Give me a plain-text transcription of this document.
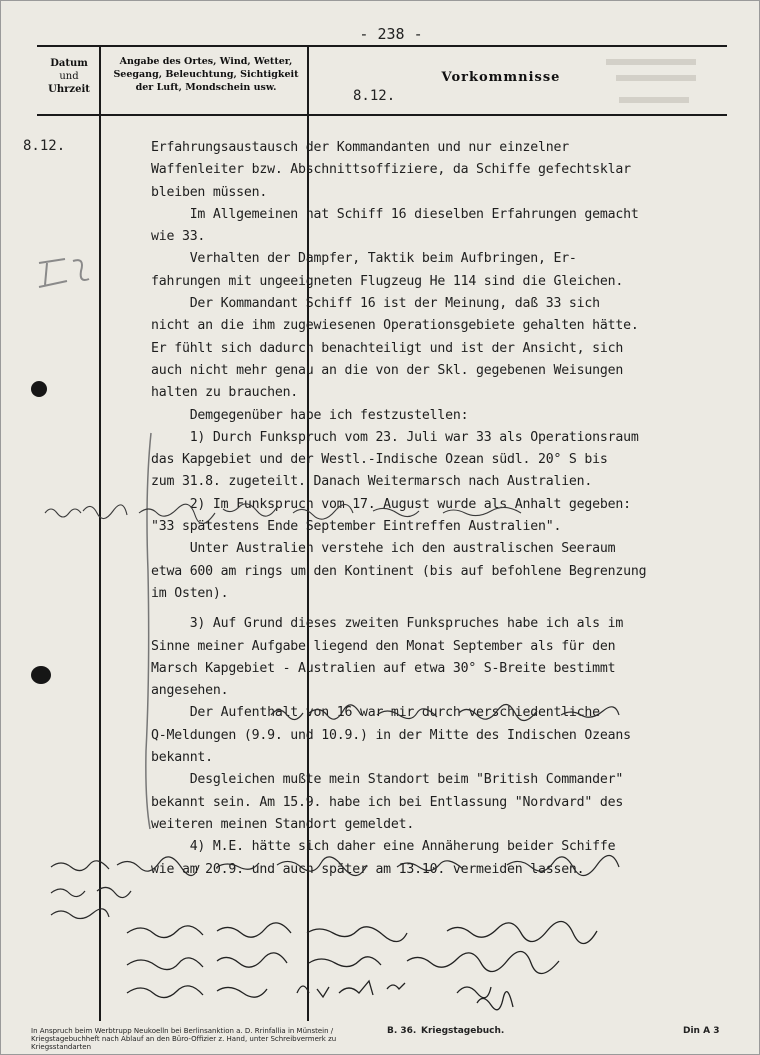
- 238 -
Datum
und
Uhrzeit
Angabe des Ortes, Wind, Wetter,
Seegang, Beleuchtung, Sichtigkeit
der Luft, Mondschein usw.
Vorkommnisse
8.12.
8.12.	Erfahrungsaustausch der Kommandanten und nur einzelner
Waffenleiter bzw. Abschnittsoffiziere, da Schiffe gefechtsklar
bleiben müssen.
Im Allgemeinen hat Schiff 16 dieselben Erfahrungen gemacht
wie 33.
Verhalten der Dampfer, Taktik beim Aufbringen, Er-
fahrungen mit ungeeigneten Flugzeug He 114 sind die Gleichen.
Der Kommandant Schiff 16 ist der Meinung, daß 33 sich
nicht an die ihm zugewiesenen Operationsgebiete gehalten hätte.
Er fühlt sich dadurch benachteiligt und ist der Ansicht, sich
auch nicht mehr genau an die von der Skl. gegebenen Weisungen
halten zu brauchen.
Demgegenüber habe ich festzustellen:
1) Durch Funkspruch vom 23. Juli war 33 als Operationsraum
das Kapgebiet und der Westl.-Indische Ozean südl. 20° S bis
zum 31.8. zugeteilt. Danach Weitermarsch nach Australien.
2) Im Funkspruch vom 17. August wurde als Anhalt gegeben:
"33 spätestens Ende September Eintreffen Australien".
Unter Australien verstehe ich den australischen Seeraum
etwa 600 am rings um den Kontinent (bis auf befohlene Begrenzung
im Osten).
3) Auf Grund dieses zweiten Funkspruches habe ich als im
Sinne meiner Aufgabe liegend den Monat September als für den
Marsch Kapgebiet - Australien auf etwa 30° S-Breite bestimmt
angesehen.
Der Aufenthalt von 16 war mir durch verschiedentliche
Q-Meldungen (9.9. und 10.9.) in der Mitte des Indischen Ozeans
bekannt.
Desgleichen mußte mein Standort beim "British Commander"
bekannt sein. Am 15.9. habe ich bei Entlassung "Nordvard" des
weiteren meinen Standort gemeldet.
4) M.E. hätte sich daher eine Annäherung beider Schiffe
wie am 20.9. und auch später am 13.10. vermeiden lassen.
In Anspruch beim Werbtrupp Neukoelln bei Berlinsanktion a. D. Rrinfallia in Münstein / Kriegstagebuchheft nach Ablauf an den Büro-Offizier z. Hand, unter Schreibvermerk zu Kriegsstandarten
B. 36. Kriegstagebuch.	Din A 3
